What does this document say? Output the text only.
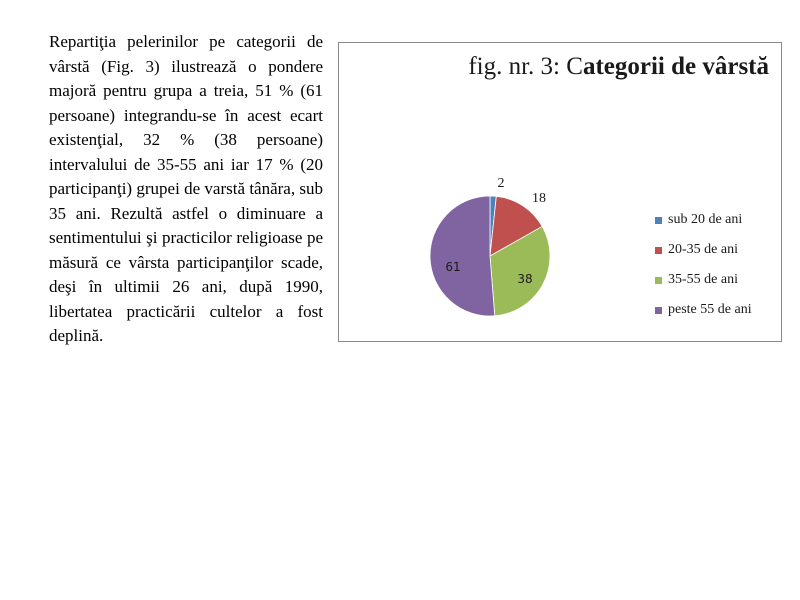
Repartiţia pelerinilor pe categorii de vârstă (Fig. 3) ilustrează o pondere majoră pentru grupa a treia, 51 % (61 persoane) integrandu-se în acest ecart existenţial, 32 % (38 persoane) intervalului de 35-55 ani iar 17 % (20 participanţi) grupei de varstă tânăra, sub 35 ani. Rezultă astfel o diminuare a sentimentului şi practicilor religioase pe măsură ce vârsta participanţilor scade, deşi în ultimii 26 ani, după 1990, libertatea practicării cultelor a fost deplină.
fig. nr. 3: Categorii de vârstă
2
18
38
61
sub 20 de ani
20-35 de ani
35-55 de ani
peste 55 de ani
